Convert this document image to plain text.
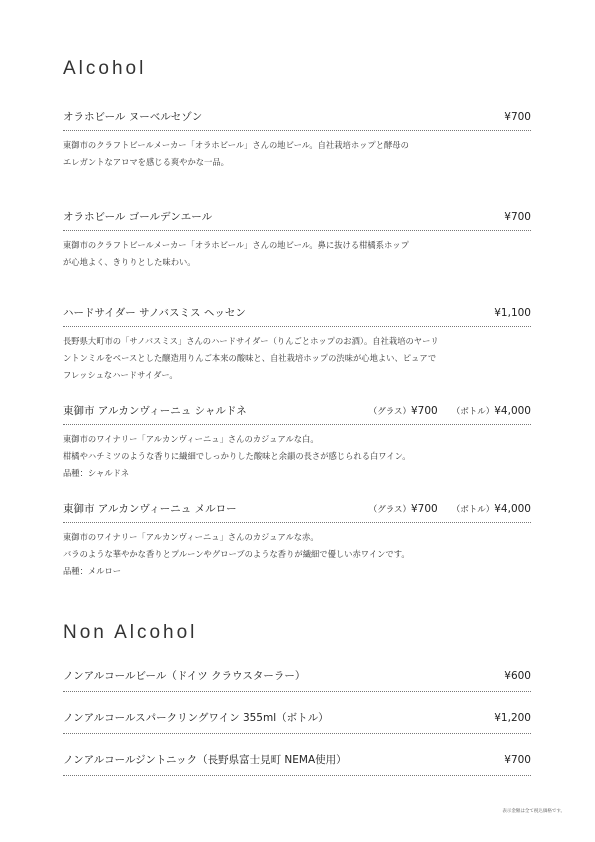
Alcohol
オラホビール ヌーベルセゾン	¥700
東御市のクラフトビールメーカー「オラホビール」さんの地ビール。自社栽培ホップと酵母の
エレガントなアロマを感じる爽やかな一品。
オラホビール ゴールデンエール	¥700
東御市のクラフトビールメーカー「オラホビール」さんの地ビール。鼻に抜ける柑橘系ホップ
が心地よく、きりりとした味わい。
ハードサイダー サノバスミス ヘッセン	¥1,100
長野県大町市の「サノバスミス」さんのハードサイダー（りんごとホップのお酒）。自社栽培のヤーリ
ントンミルをベースとした醸造用りんご本来の酸味と、自社栽培ホップの渋味が心地よい、ピュアで
フレッシュなハードサイダー。
東御市 アルカンヴィーニュ シャルドネ	（グラス）¥700 （ボトル）¥4,000
東御市のワイナリー「アルカンヴィーニュ」さんのカジュアルな白。
柑橘やハチミツのような香りに繊細でしっかりした酸味と余韻の長さが感じられる白ワイン。
品種：シャルドネ
東御市 アルカンヴィーニュ メルロー	（グラス）¥700 （ボトル）¥4,000
東御市のワイナリー「アルカンヴィーニュ」さんのカジュアルな赤。
バラのような華やかな香りとプルーンやグローブのような香りが繊細で優しい赤ワインです。
品種：メルロー
Non Alcohol
ノンアルコールビール（ドイツ クラウスターラー）	¥600
ノンアルコールスパークリングワイン 355ml（ボトル）	¥1,200
ノンアルコールジントニック（長野県富士見町 NEMA使用）	¥700
表示金額は全て税込価格です。
